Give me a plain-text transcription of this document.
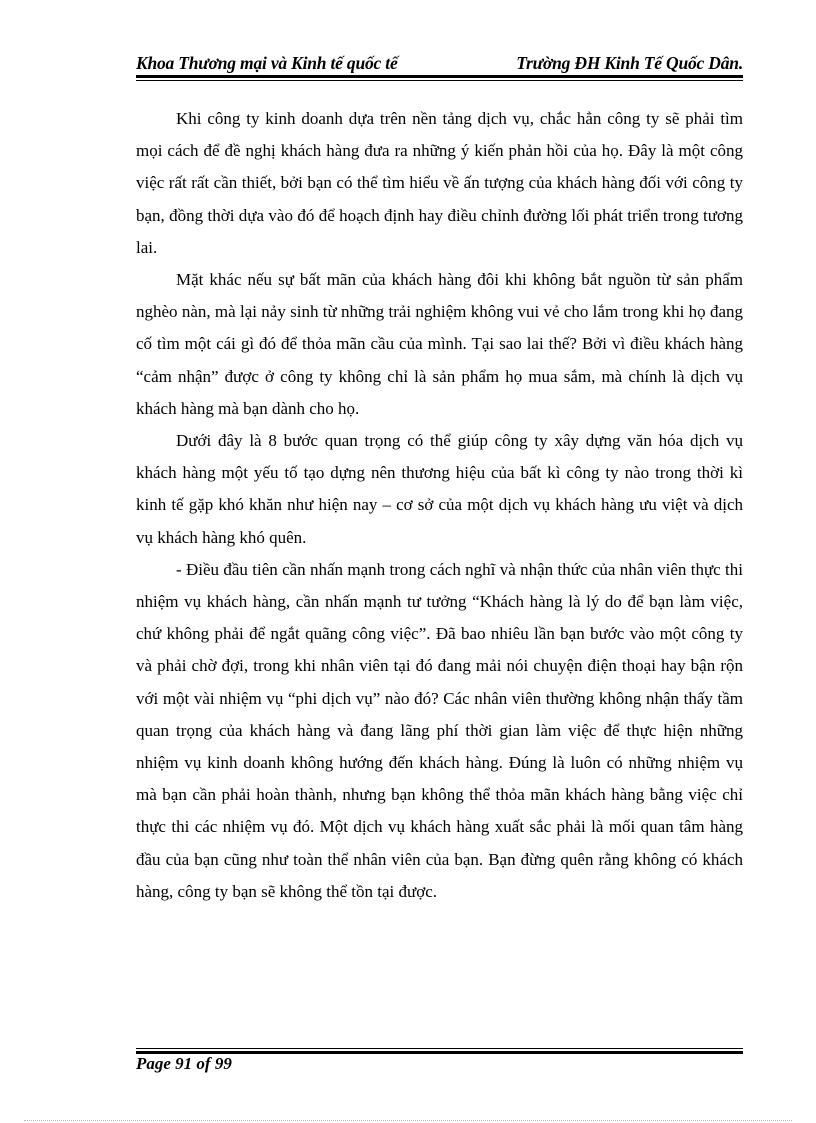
Khoa Thương mại và Kinh tế quốc tế	Trường ĐH Kinh Tế Quốc Dân.

Khi công ty kinh doanh dựa trên nền tảng dịch vụ, chắc hẳn công ty sẽ phải tìm mọi cách để đề nghị khách hàng đưa ra những ý kiến phản hồi của họ. Đây là một công việc rất rất cần thiết, bởi bạn có thể tìm hiểu về ấn tượng của khách hàng đối với công ty bạn, đồng thời dựa vào đó để hoạch định hay điều chỉnh đường lối phát triển trong tương lai.

Mặt khác nếu sự bất mãn của khách hàng đôi khi không bắt nguồn từ sản phẩm nghèo nàn, mà lại nảy sinh từ những trải nghiệm không vui vẻ cho lắm trong khi họ đang cố tìm một cái gì đó để thỏa mãn cầu của mình. Tại sao lai thế? Bởi vì điều khách hàng “cảm nhận” được ở công ty không chỉ là sản phẩm họ mua sắm, mà chính là dịch vụ khách hàng mà bạn dành cho họ.

Dưới đây là 8 bước quan trọng có thể giúp công ty xây dựng văn hóa dịch vụ khách hàng một yếu tố tạo dựng nên thương hiệu của bất kì công ty nào trong thời kì kinh tế gặp khó khăn như hiện nay – cơ sở của một dịch vụ khách hàng ưu việt và dịch vụ khách hàng khó quên.

- Điều đầu tiên cần nhấn mạnh trong cách nghĩ và nhận thức của nhân viên thực thi nhiệm vụ khách hàng, cần nhấn mạnh tư tưởng “Khách hàng là lý do để bạn làm việc, chứ không phải để ngắt quãng công việc”. Đã bao nhiêu lần bạn bước vào một công ty và phải chờ đợi, trong khi nhân viên tại đó đang mải nói chuyện điện thoại hay bận rộn với một vài nhiệm vụ “phi dịch vụ” nào đó? Các nhân viên thường không nhận thấy tầm quan trọng của khách hàng và đang lãng phí thời gian làm việc để thực hiện những nhiệm vụ kinh doanh không hướng đến khách hàng. Đúng là luôn có những nhiệm vụ mà bạn cần phải hoàn thành, nhưng bạn không thể thỏa mãn khách hàng bằng việc chỉ thực thi các nhiệm vụ đó. Một dịch vụ khách hàng xuất sắc phải là mối quan tâm hàng đầu của bạn cũng như toàn thể nhân viên của bạn. Bạn đừng quên rằng không có khách hàng, công ty bạn sẽ không thể tồn tại được.

Page 91 of 99
